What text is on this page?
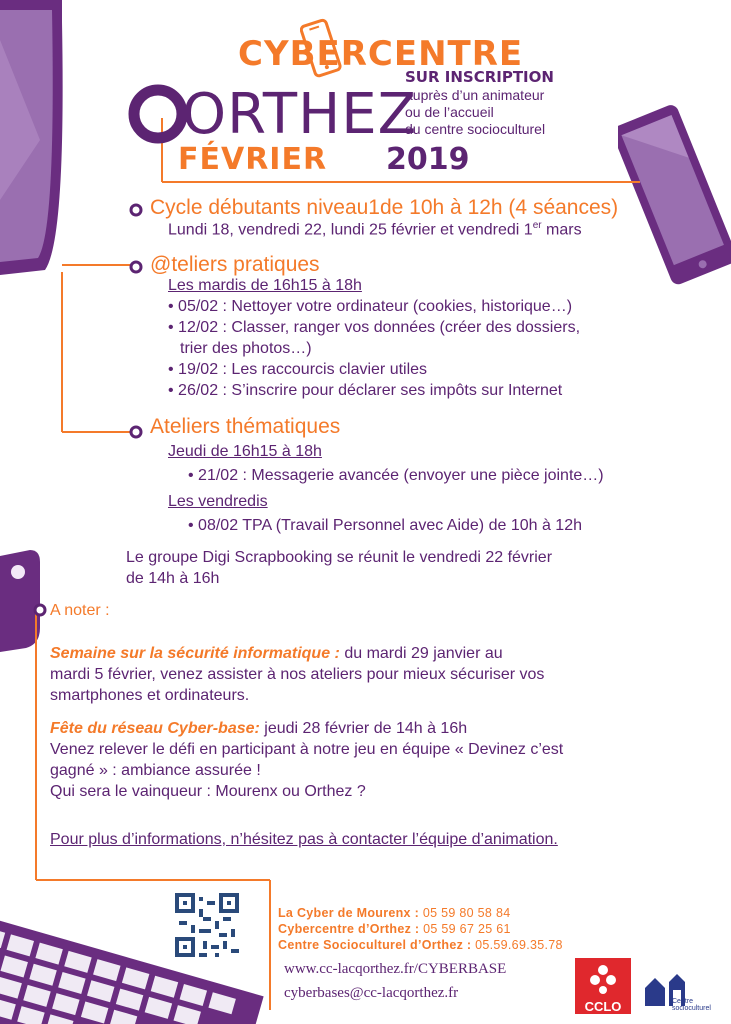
CYBERCENTRE
SUR INSCRIPTION
auprès d’un animateur
ou de l’accueil
du centre socioculturel
ORTHEZ
FÉVRIER 2019
Cycle débutants niveau1de 10h à 12h (4 séances)
Lundi 18, vendredi 22, lundi 25 février et vendredi 1er mars
@teliers pratiques
Les mardis de 16h15 à 18h
• 05/02 : Nettoyer votre ordinateur (cookies, historique…)
• 12/02 : Classer, ranger vos données (créer des dossiers,
trier des photos…)
• 19/02 : Les raccourcis clavier utiles
• 26/02 : S’inscrire pour déclarer ses impôts sur Internet
Ateliers thématiques
Jeudi de 16h15 à 18h
• 21/02 : Messagerie avancée (envoyer une pièce jointe…)
Les vendredis
• 08/02 TPA (Travail Personnel avec Aide) de 10h à 12h
Le groupe Digi Scrapbooking se réunit le vendredi 22 février
de 14h à 16h
A noter :
Semaine sur la sécurité informatique : du mardi 29 janvier au
mardi 5 février, venez assister à nos ateliers pour mieux sécuriser vos
smartphones et ordinateurs.
Fête du réseau Cyber-base: jeudi 28 février de 14h à 16h
Venez relever le défi en participant à notre jeu en équipe « Devinez c’est
gagné » : ambiance assurée !
Qui sera le vainqueur : Mourenx ou Orthez ?
Pour plus d’informations, n’hésitez pas à contacter l’équipe d’animation.
La Cyber de Mourenx : 05 59 80 58 84
Cybercentre d’Orthez : 05 59 67 25 61
Centre Socioculturel d’Orthez : 05.59.69.35.78
www.cc-lacqorthez.fr/CYBERBASE
cyberbases@cc-lacqorthez.fr
CCLO
Communauté de communes
Centre socioculturel
